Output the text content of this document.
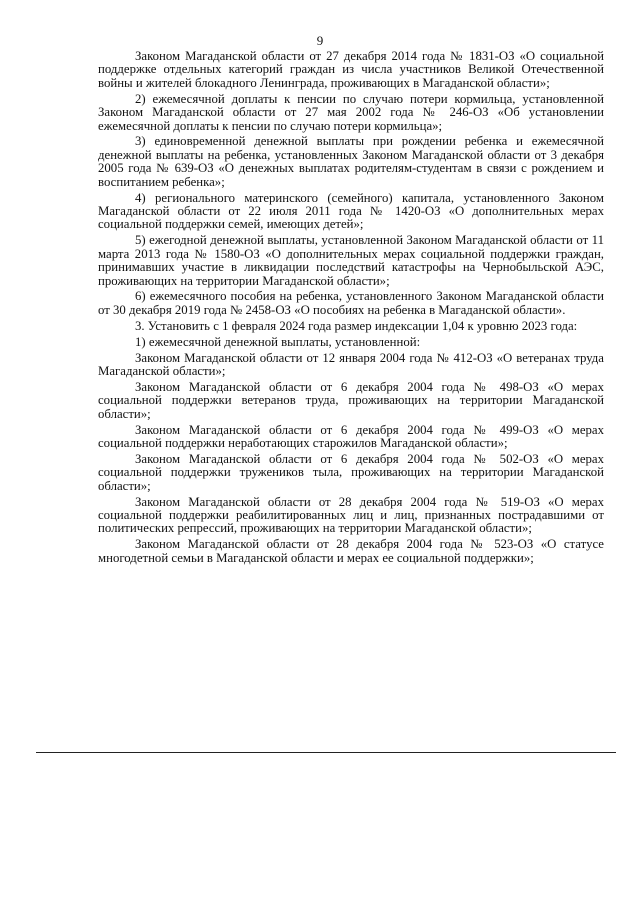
9

Законом Магаданской области от 27 декабря 2014 года № 1831-ОЗ «О социальной поддержке отдельных категорий граждан из числа участников Великой Отечественной войны и жителей блокадного Ленинграда, проживающих в Магаданской области»;

2) ежемесячной доплаты к пенсии по случаю потери кормильца, установленной Законом Магаданской области от 27 мая 2002 года № 246-ОЗ «Об установлении ежемесячной доплаты к пенсии по случаю потери кормильца»;

3) единовременной денежной выплаты при рождении ребенка и ежемесячной денежной выплаты на ребенка, установленных Законом Магаданской области от 3 декабря 2005 года № 639-ОЗ «О денежных выплатах родителям-студентам в связи с рождением и воспитанием ребенка»;

4) регионального материнского (семейного) капитала, установленного Законом Магаданской области от 22 июля 2011 года № 1420-ОЗ «О дополнительных мерах социальной поддержки семей, имеющих детей»;

5) ежегодной денежной выплаты, установленной Законом Магаданской области от 11 марта 2013 года № 1580-ОЗ «О дополнительных мерах социальной поддержки граждан, принимавших участие в ликвидации последствий катастрофы на Чернобыльской АЭС, проживающих на территории Магаданской области»;

6) ежемесячного пособия на ребенка, установленного Законом Магаданской области от 30 декабря 2019 года № 2458-ОЗ «О пособиях на ребенка в Магаданской области».

3. Установить с 1 февраля 2024 года размер индексации 1,04 к уровню 2023 года:

1) ежемесячной денежной выплаты, установленной:

Законом Магаданской области от 12 января 2004 года № 412-ОЗ «О ветеранах труда Магаданской области»;

Законом Магаданской области от 6 декабря 2004 года № 498-ОЗ «О мерах социальной поддержки ветеранов труда, проживающих на территории Магаданской области»;

Законом Магаданской области от 6 декабря 2004 года № 499-ОЗ «О мерах социальной поддержки неработающих старожилов Магаданской области»;

Законом Магаданской области от 6 декабря 2004 года № 502-ОЗ «О мерах социальной поддержки тружеников тыла, проживающих на территории Магаданской области»;

Законом Магаданской области от 28 декабря 2004 года № 519-ОЗ «О мерах социальной поддержки реабилитированных лиц и лиц, признанных пострадавшими от политических репрессий, проживающих на территории Магаданской области»;

Законом Магаданской области от 28 декабря 2004 года № 523-ОЗ «О статусе многодетной семьи в Магаданской области и мерах ее социальной поддержки»;
